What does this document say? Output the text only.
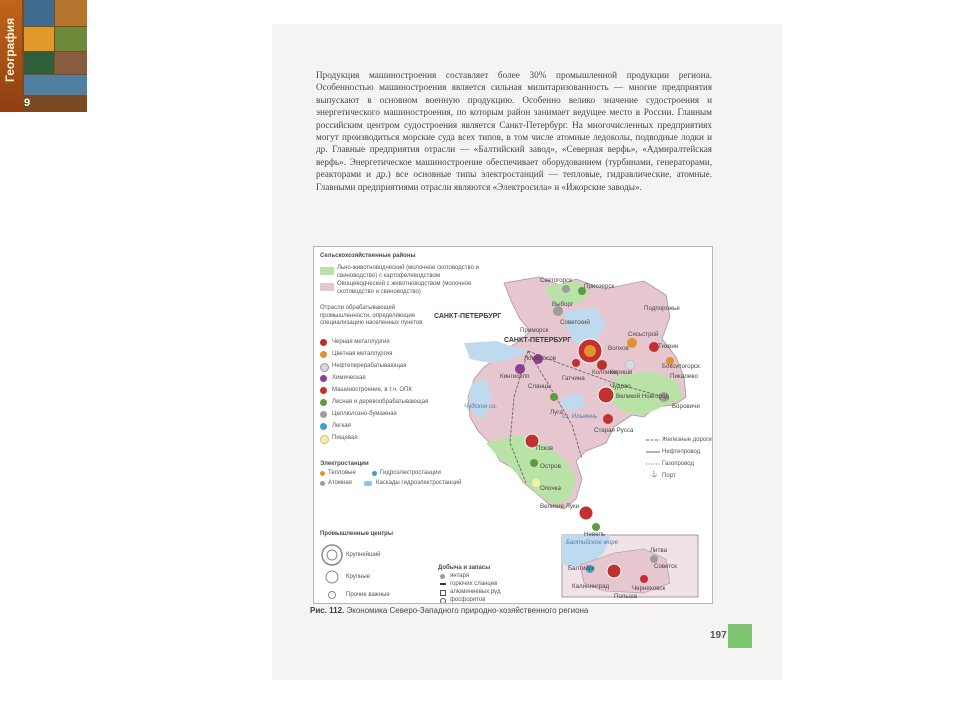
География
9
Продукция машиностроения составляет более 30% промышленной продукции региона. Особенностью машиностроения является сильная милитаризованность — многие предприятия выпускают в основном военную продукцию. Особенно велико значение судостроения и энергетического машиностроения, по которым район занимает ведущее место в России. Главным российским центром судостроения является Санкт-Петербург. На многочисленных предприятиях могут производиться морские суда всех типов, в том числе атомные ледоколы, подводные лодки и др. Главные предприятия отрасли — «Балтийский завод», «Северная верфь», «Адмиралтейская верфь». Энергетическое машиностроение обеспечивает оборудованием (турбинами, генераторами, реакторами и др.) все основные типы электростанций — тепловые, гидравлические, атомные. Главными предприятиями отрасли являются «Электросила» и «Ижорские заводы».
Сельскохозяйственные районы
Льно-животноводческий (молочное скотоводство и свиноводство) с картофелеводством
Овощеводческий с животноводством (молочное скотоводство и свиноводство)
Отрасли обрабатывающей промышленности, определяющие специализацию населенных пунктов
САНКТ-ПЕТЕРБУРГ
Черная металлургия
Цветная металлургия
Нефтеперерабатывающая
Химическая
Машиностроение, в т.ч. ОПК
Лесная и деревообрабатывающая
Целлюлозно-бумажная
Легкая
Пищевая
Электростанции
Тепловые	Гидроэлектростанции
Атомная	Каскады гидроэлектростанций
Промышленные центры
Крупнейший
Крупные
Прочие важные
Добыча и запасы
янтаря
горючих сланцев
алюминиевых руд
фосфоритов
Железные дороги
Нефтепровод
Газопровод
Порт
⚓
Светогорск
Приозерск
Выборг
Советский
Приморск
Подпорожье
Волхов
Сясьстрой
Тихвин
Бокситогорск
Кириши
Ломоносов
Пикалево
Кингисепп	Гатчина
Колпино
Сланцы	Чудово
Луга
Великий Новгород
Боровичи
Старая Русса
Псков
Остров
Опочка
Великие Луки
Невель
Балтийск
Литва
Советск
Калининград	Черняховск
Польша
САНКТ-ПЕТЕРБУРГ
Балтийское море
Чудское оз.
оз. Ильмень
Рис. 112. Экономика Северо-Западного природно-хозяйственного региона
197
